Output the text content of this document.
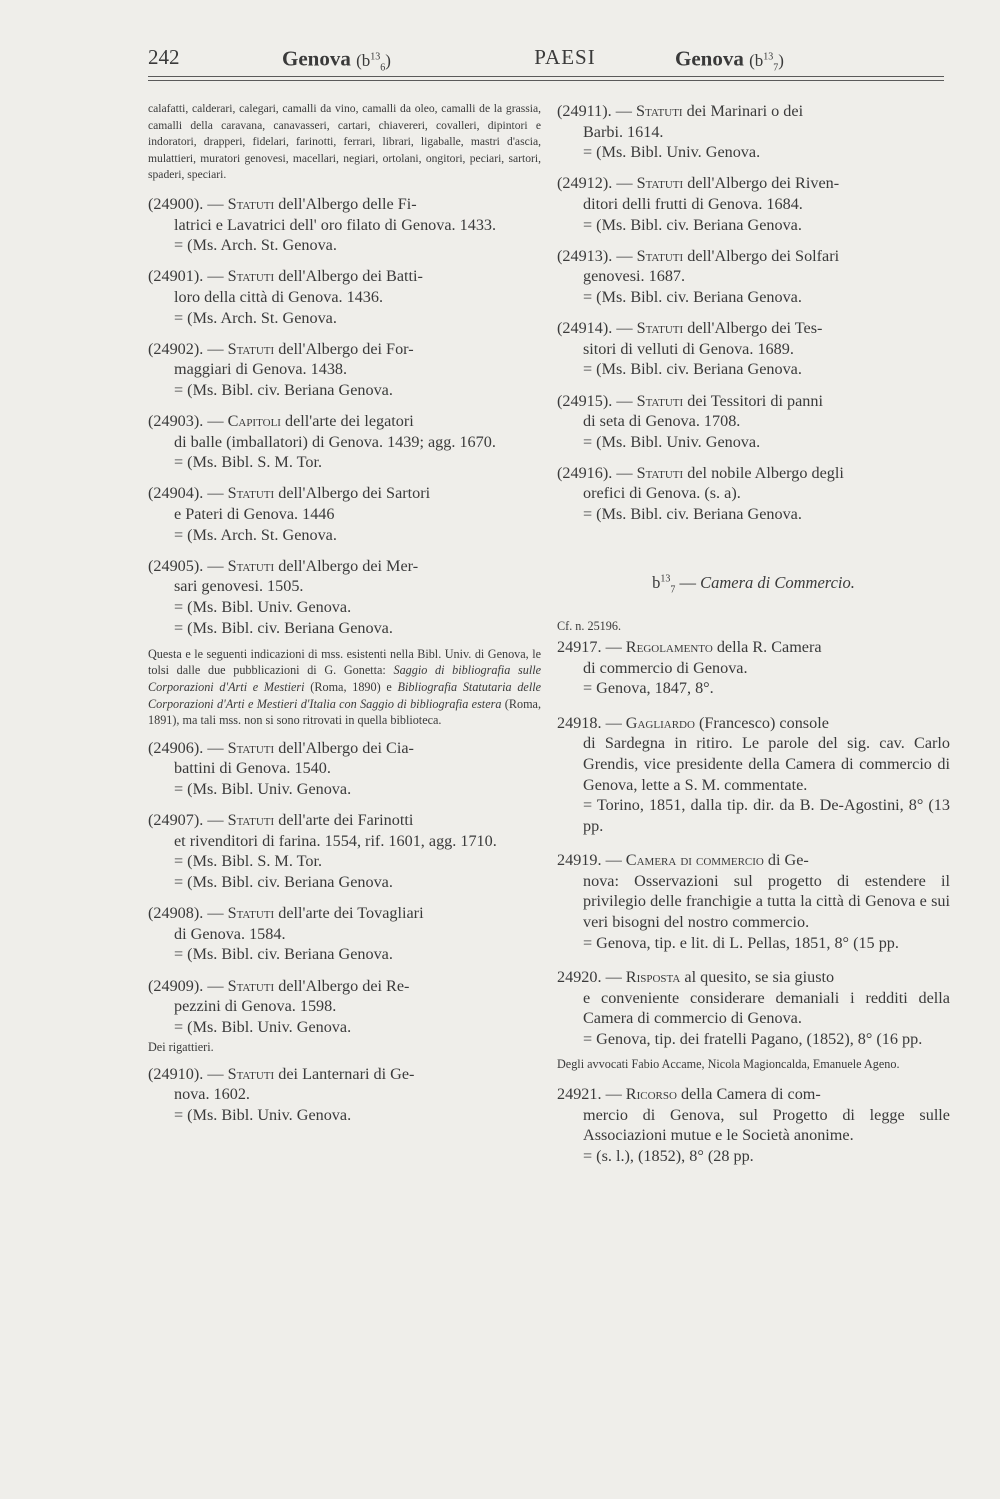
242	Genova $(b^{13}_6)$	PAESI	Genova $(b^{13}_7)$
calafatti, calderari, calegari, camalli da vino, camalli da oleo, camalli de la grassia, camalli della caravana, canavasseri, cartari, chiavereri, covalleri, dipintori e indoratori, drapperi, fidelari, farinotti, ferrari, librari, ligaballe, mastri d'ascia, mulattieri, muratori genovesi, macellari, negiari, ortolani, ongitori, peciari, sartori, spaderi, speciari.
(24900). — Statuti dell'Albergo delle Fi-
latrici e Lavatrici dell' oro filato di Genova. 1433.
= (Ms. Arch. St. Genova.
(24901). — Statuti dell'Albergo dei Batti-
loro della città di Genova. 1436.
= (Ms. Arch. St. Genova.
(24902). — Statuti dell'Albergo dei For-
maggiari di Genova. 1438.
= (Ms. Bibl. civ. Beriana Genova.
(24903). — Capitoli dell'arte dei legatori
di balle (imballatori) di Genova. 1439; agg. 1670.
= (Ms. Bibl. S. M. Tor.
(24904). — Statuti dell'Albergo dei Sartori
e Pateri di Genova. 1446
= (Ms. Arch. St. Genova.
(24905). — Statuti dell'Albergo dei Mer-
sari genovesi. 1505.
= (Ms. Bibl. Univ. Genova.
= (Ms. Bibl. civ. Beriana Genova.
Questa e le seguenti indicazioni di mss. esistenti nella Bibl. Univ. di Genova, le tolsi dalle due pubblicazioni di G. Gonetta: Saggio di bibliografia sulle Corporazioni d'Arti e Mestieri (Roma, 1890) e Bibliografia Statutaria delle Corporazioni d'Arti e Mestieri d'Italia con Saggio di bibliografia estera (Roma, 1891), ma tali mss. non si sono ritrovati in quella biblioteca.
(24906). — Statuti dell'Albergo dei Cia-
battini di Genova. 1540.
= (Ms. Bibl. Univ. Genova.
(24907). — Statuti dell'arte dei Farinotti
et rivenditori di farina. 1554, rif. 1601, agg. 1710.
= (Ms. Bibl. S. M. Tor.
= (Ms. Bibl. civ. Beriana Genova.
(24908). — Statuti dell'arte dei Tovagliari
di Genova. 1584.
= (Ms. Bibl. civ. Beriana Genova.
(24909). — Statuti dell'Albergo dei Re-
pezzini di Genova. 1598.
= (Ms. Bibl. Univ. Genova.
Dei rigattieri.
(24910). — Statuti dei Lanternari di Ge-
nova. 1602.
= (Ms. Bibl. Univ. Genova.
(24911). — Statuti dei Marinari o dei
Barbi. 1614.
= (Ms. Bibl. Univ. Genova.
(24912). — Statuti dell'Albergo dei Riven-
ditori delli frutti di Genova. 1684.
= (Ms. Bibl. civ. Beriana Genova.
(24913). — Statuti dell'Albergo dei Solfari
genovesi. 1687.
= (Ms. Bibl. civ. Beriana Genova.
(24914). — Statuti dell'Albergo dei Tes-
sitori di velluti di Genova. 1689.
= (Ms. Bibl. civ. Beriana Genova.
(24915). — Statuti dei Tessitori di panni
di seta di Genova. 1708.
= (Ms. Bibl. Univ. Genova.
(24916). — Statuti del nobile Albergo degli
orefici di Genova. (s. a).
= (Ms. Bibl. civ. Beriana Genova.
$b^{13}_7$ — Camera di Commercio.
Cf. n. 25196.
24917. — Regolamento della R. Camera
di commercio di Genova.
= Genova, 1847, 8°.
24918. — Gagliardo (Francesco) console
di Sardegna in ritiro. Le parole del sig. cav. Carlo Grendis, vice presidente della Camera di commercio di Genova, lette a S. M. commentate.
= Torino, 1851, dalla tip. dir. da B. De-Agostini, 8° (13 pp.
24919. — Camera di commercio di Ge-
nova: Osservazioni sul progetto di estendere il privilegio delle franchigie a tutta la città di Genova e sui veri bisogni del nostro commercio.
= Genova, tip. e lit. di L. Pellas, 1851, 8° (15 pp.
24920. — Risposta al quesito, se sia giusto
e conveniente considerare demaniali i redditi della Camera di commercio di Genova.
= Genova, tip. dei fratelli Pagano, (1852), 8° (16 pp.
Degli avvocati Fabio Accame, Nicola Magioncalda, Emanuele Ageno.
24921. — Ricorso della Camera di com-
mercio di Genova, sul Progetto di legge sulle Associazioni mutue e le Società anonime.
= (s. l.), (1852), 8° (28 pp.
